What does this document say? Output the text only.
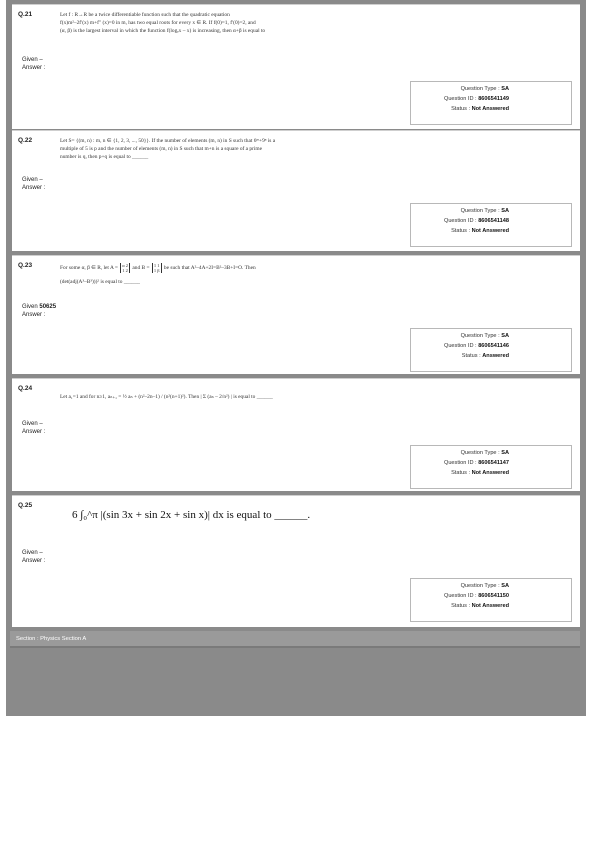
Q.21	Let f : R→R be a twice differentiable function such that the quadratic equation
f(x)m²–2f′(x) m+f″ (x)=0 in m, has two equal roots for every x ∈ R. If f(0)=1, f′(0)=2, and
(α, β) is the largest interval in which the function f(logₑx – x) is increasing, then α+β is equal to
Given –
Answer :
Question Type : SA
Question ID : 8606541149
Status : Not Answered
Q.22	Let S= {(m, n) : m, n ∈ {1, 2, 3, ..., 50}}. If the number of elements (m, n) in S such that 6ᵐ+9ⁿ is a
multiple of 5 is p and the number of elements (m, n) in S such that m+n is a square of a prime
number is q, then p+q is equal to ______
Given –
Answer :
Question Type : SA
Question ID : 8606541148
Status : Not Answered
Q.23	For some α, β ∈ R, let A = α 2
1 2 and B = 1 1
1 β be such that A²–4A+2I=B²–3B+I=O. Then
(det(adj(A³–B³)))² is equal to ______
Given 50625
Answer :
Question Type : SA
Question ID : 8606541146
Status : Answered
Q.24
Let a₁=1 and for n≥1, aₙ₊₁ = ½ aₙ + (n²–2n–1) / (n²(n+1)²). Then | Σ (aₙ – 2/n²) | is equal to ______
Given –
Answer :
Question Type : SA
Question ID : 8606541147
Status : Not Answered
Q.25
6 ∫₀^π |(sin 3x + sin 2x + sin x)| dx is equal to ______.
Given –
Answer :
Question Type : SA
Question ID : 8606541150
Status : Not Answered
Section : Physics Section A
